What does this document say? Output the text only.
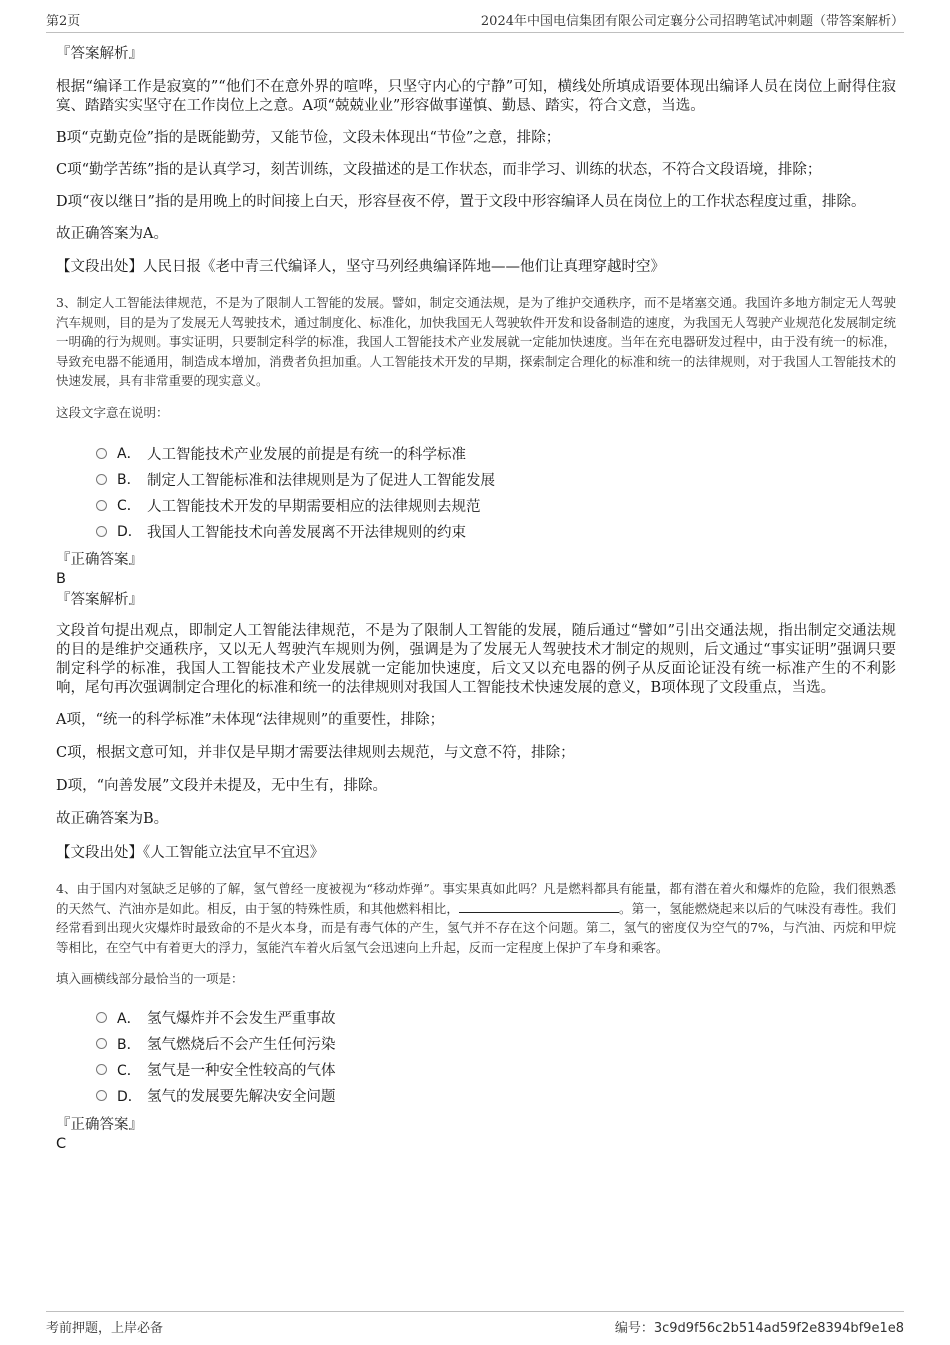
第2页	2024年中国电信集团有限公司定襄分公司招聘笔试冲刺题（带答案解析）
『答案解析』

根据“编译工作是寂寞的”“他们不在意外界的喧哗，只坚守内心的宁静”可知，横线处所填成语要体现出编译人员在岗位上耐得住寂寞、踏踏实实坚守在工作岗位上之意。A项“兢兢业业”形容做事谨慎、勤恳、踏实，符合文意，当选。

B项“克勤克俭”指的是既能勤劳，又能节俭，文段未体现出“节俭”之意，排除；

C项“勤学苦练”指的是认真学习，刻苦训练，文段描述的是工作状态，而非学习、训练的状态，不符合文段语境，排除；

D项“夜以继日”指的是用晚上的时间接上白天，形容昼夜不停，置于文段中形容编译人员在岗位上的工作状态程度过重，排除。

故正确答案为A。

【文段出处】人民日报《老中青三代编译人，坚守马列经典编译阵地——他们让真理穿越时空》

3、制定人工智能法律规范，不是为了限制人工智能的发展。譬如，制定交通法规，是为了维护交通秩序，而不是堵塞交通。我国许多地方制定无人驾驶汽车规则，目的是为了发展无人驾驶技术，通过制度化、标准化，加快我国无人驾驶软件开发和设备制造的速度，为我国无人驾驶产业规范化发展制定统一明确的行为规则。事实证明，只要制定科学的标准，我国人工智能技术产业发展就一定能加快速度。当年在充电器研发过程中，由于没有统一的标准，导致充电器不能通用，制造成本增加，消费者负担加重。人工智能技术开发的早期，探索制定合理化的标准和统一的法律规则，对于我国人工智能技术的快速发展，具有非常重要的现实意义。

这段文字意在说明：

A． 人工智能技术产业发展的前提是有统一的科学标准
B． 制定人工智能标准和法律规则是为了促进人工智能发展
C． 人工智能技术开发的早期需要相应的法律规则去规范
D． 我国人工智能技术向善发展离不开法律规则的约束
『正确答案』
B
『答案解析』

文段首句提出观点，即制定人工智能法律规范，不是为了限制人工智能的发展，随后通过“譬如”引出交通法规，指出制定交通法规的目的是维护交通秩序，又以无人驾驶汽车规则为例，强调是为了发展无人驾驶技术才制定的规则，后文通过“事实证明”强调只要制定科学的标准，我国人工智能技术产业发展就一定能加快速度，后文又以充电器的例子从反面论证没有统一标准产生的不利影响，尾句再次强调制定合理化的标准和统一的法律规则对我国人工智能技术快速发展的意义，B项体现了文段重点，当选。

A项，“统一的科学标准”未体现“法律规则”的重要性，排除；

C项，根据文意可知，并非仅是早期才需要法律规则去规范，与文意不符，排除；

D项，“向善发展”文段并未提及，无中生有，排除。

故正确答案为B。

【文段出处】《人工智能立法宜早不宜迟》

4、由于国内对氢缺乏足够的了解，氢气曾经一度被视为“移动炸弹”。事实果真如此吗？凡是燃料都具有能量，都有潜在着火和爆炸的危险，我们很熟悉的天然气、汽油亦是如此。相反，由于氢的特殊性质，和其他燃料相比，	。第一，氢能燃烧起来以后的气味没有毒性。我们经常看到出现火灾爆炸时最致命的不是火本身，而是有毒气体的产生，氢气并不存在这个问题。第二，氢气的密度仅为空气的7%，与汽油、丙烷和甲烷等相比，在空气中有着更大的浮力，氢能汽车着火后氢气会迅速向上升起，反而一定程度上保护了车身和乘客。

填入画横线部分最恰当的一项是：

A． 氢气爆炸并不会发生严重事故
B． 氢气燃烧后不会产生任何污染
C． 氢气是一种安全性较高的气体
D． 氢气的发展要先解决安全问题
『正确答案』
C
考前押题，上岸必备	编号：3c9d9f56c2b514ad59f2e8394bf9e1e8
